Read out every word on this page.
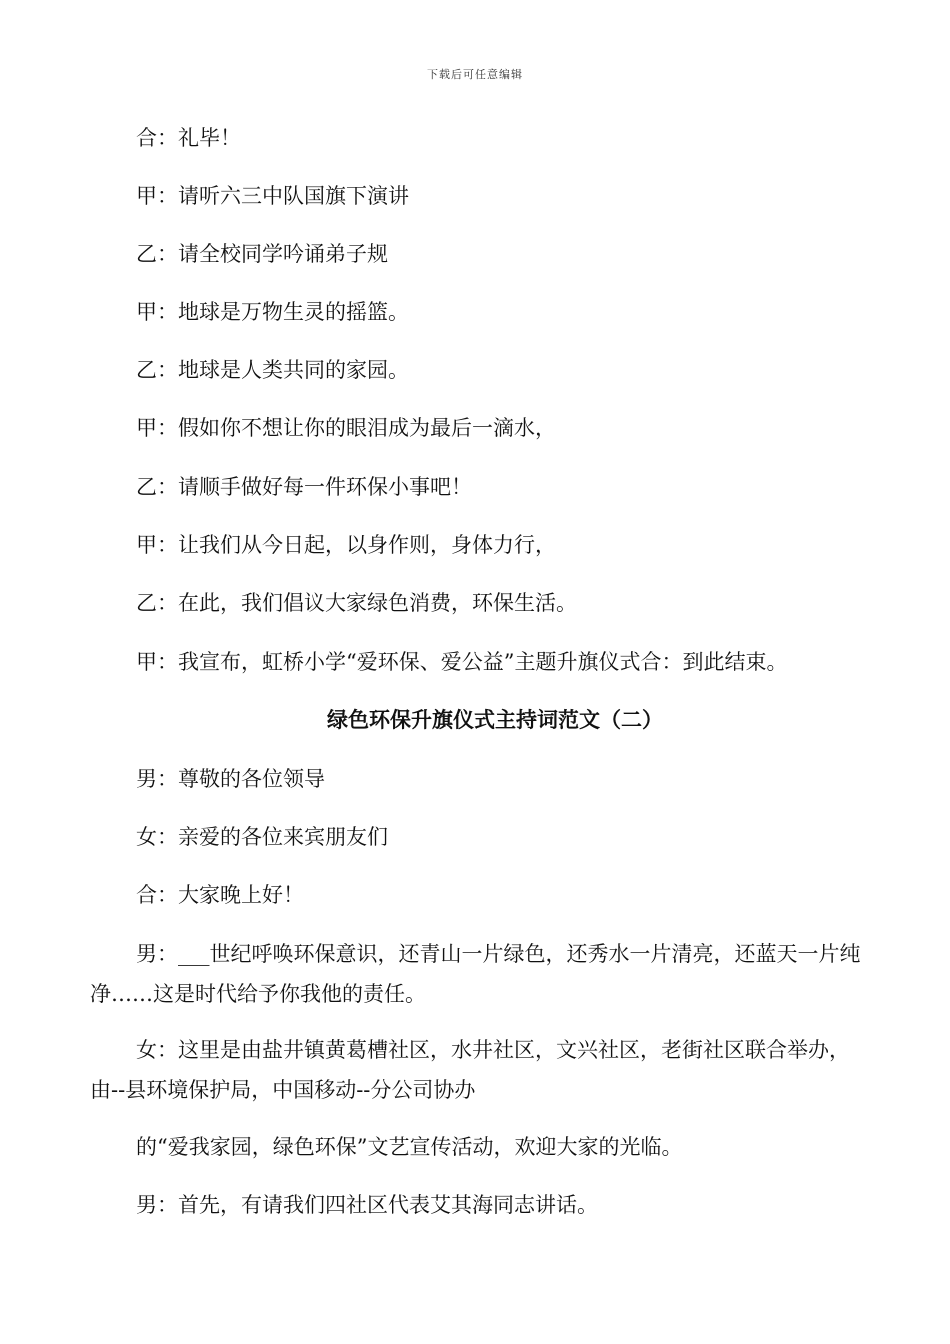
下载后可任意编辑
合：礼毕！
甲：请听六三中队国旗下演讲
乙：请全校同学吟诵弟子规
甲：地球是万物生灵的摇篮。
乙：地球是人类共同的家园。
甲：假如你不想让你的眼泪成为最后一滴水，
乙：请顺手做好每一件环保小事吧！
甲：让我们从今日起，以身作则，身体力行，
乙：在此，我们倡议大家绿色消费，环保生活。
甲：我宣布，虹桥小学“爱环保、爱公益”主题升旗仪式合：到此结束。
绿色环保升旗仪式主持词范文（二）
男：尊敬的各位领导
女：亲爱的各位来宾朋友们
合：大家晚上好！
男：___世纪呼唤环保意识，还青山一片绿色，还秀水一片清亮，还蓝天一片纯净……这是时代给予你我他的责任。
女：这里是由盐井镇黄葛槽社区，水井社区，文兴社区，老街社区联合举办，由--县环境保护局，中国移动--分公司协办
的“爱我家园，绿色环保”文艺宣传活动，欢迎大家的光临。
男：首先，有请我们四社区代表艾其海同志讲话。
